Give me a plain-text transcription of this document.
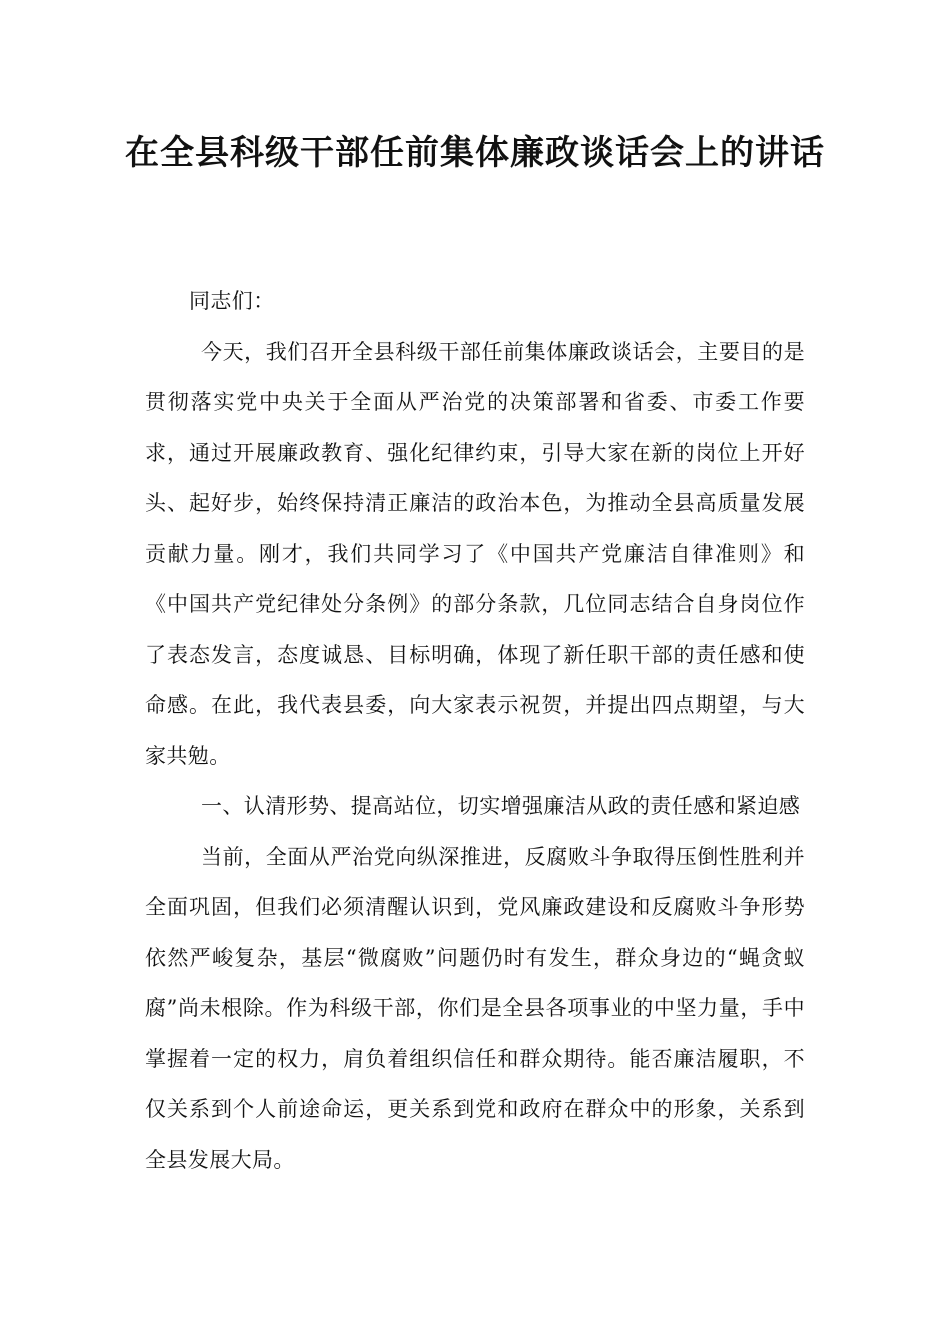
在全县科级干部任前集体廉政谈话会上的讲话

同志们：

今天，我们召开全县科级干部任前集体廉政谈话会，主要目的是贯彻落实党中央关于全面从严治党的决策部署和省委、市委工作要求，通过开展廉政教育、强化纪律约束，引导大家在新的岗位上开好头、起好步，始终保持清正廉洁的政治本色，为推动全县高质量发展贡献力量。刚才，我们共同学习了《中国共产党廉洁自律准则》和《中国共产党纪律处分条例》的部分条款，几位同志结合自身岗位作了表态发言，态度诚恳、目标明确，体现了新任职干部的责任感和使命感。在此，我代表县委，向大家表示祝贺，并提出四点期望，与大家共勉。

一、认清形势、提高站位，切实增强廉洁从政的责任感和紧迫感

当前，全面从严治党向纵深推进，反腐败斗争取得压倒性胜利并全面巩固，但我们必须清醒认识到，党风廉政建设和反腐败斗争形势依然严峻复杂，基层“微腐败”问题仍时有发生，群众身边的“蝇贪蚁腐”尚未根除。作为科级干部，你们是全县各项事业的中坚力量，手中掌握着一定的权力，肩负着组织信任和群众期待。能否廉洁履职，不仅关系到个人前途命运，更关系到党和政府在群众中的形象，关系到全县发展大局。
